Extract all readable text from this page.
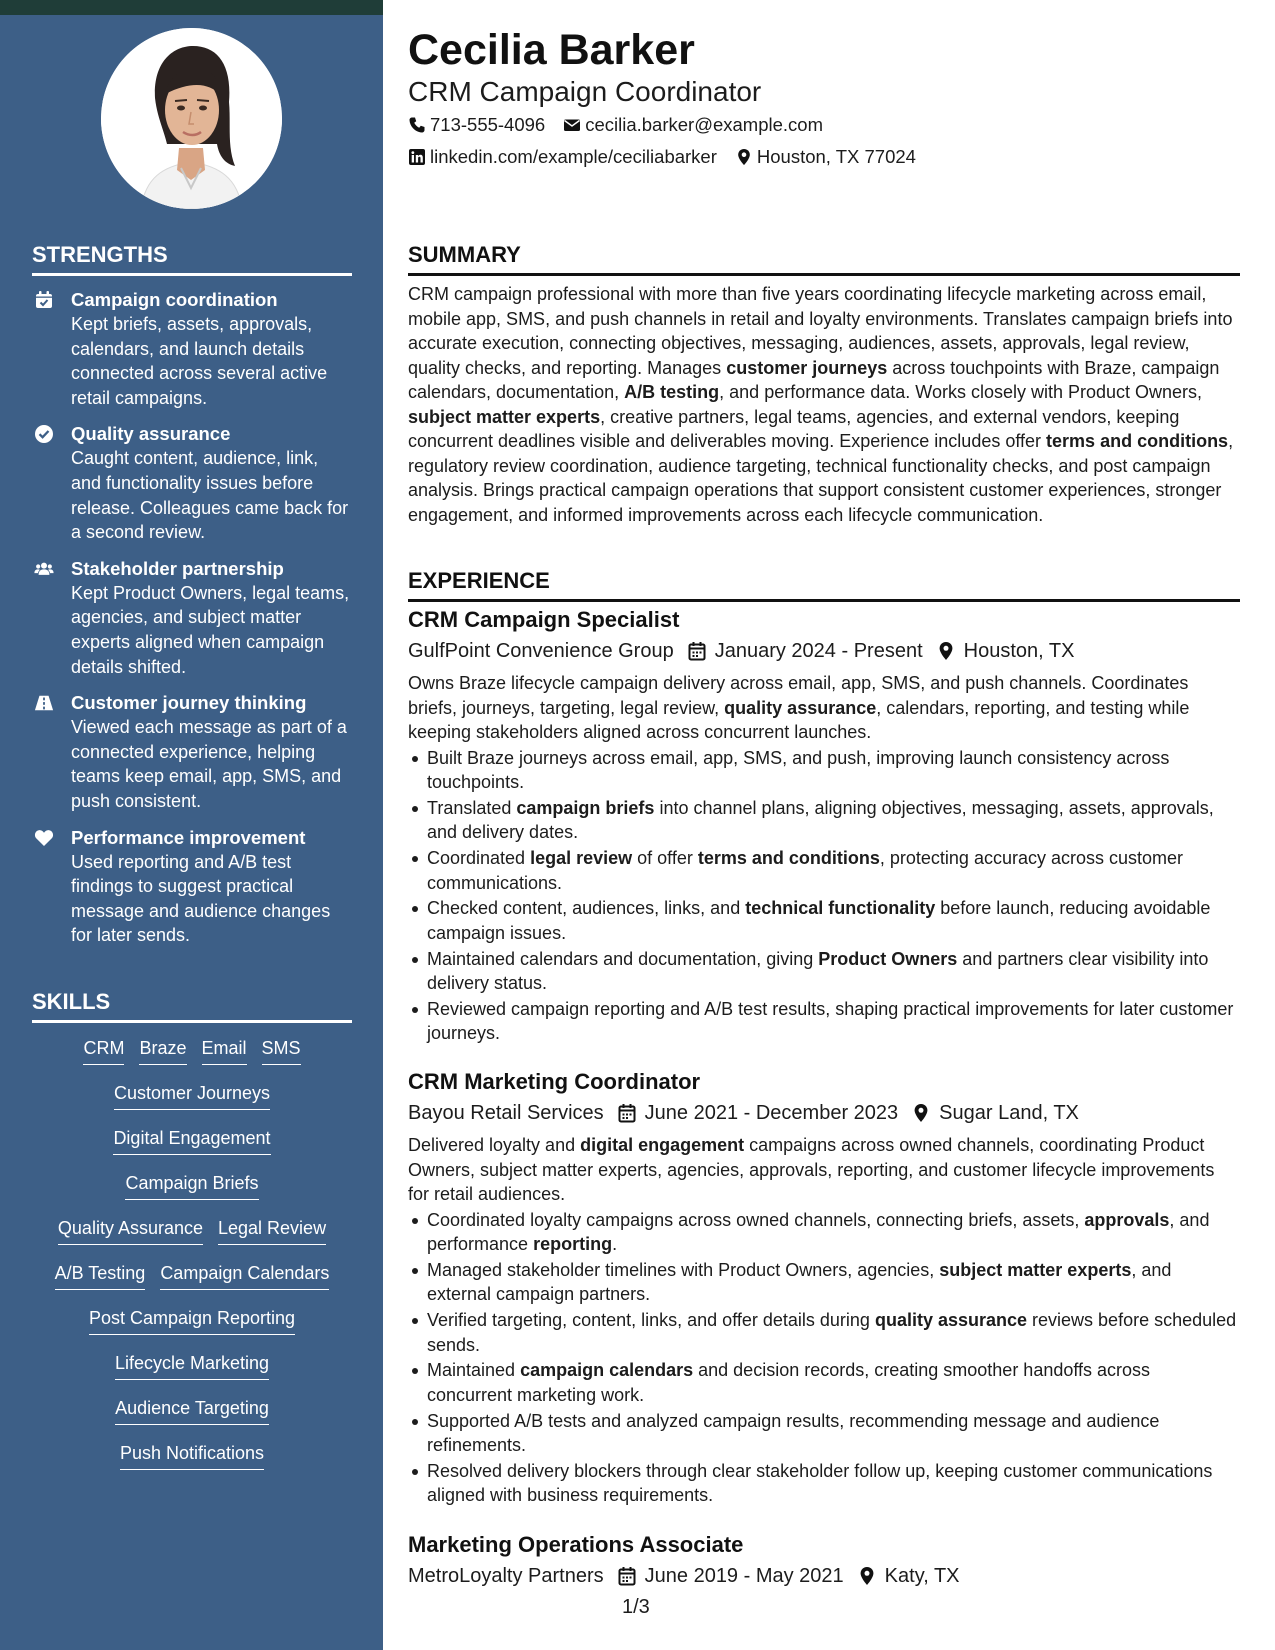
STRENGTHS
Campaign coordination
Kept briefs, assets, approvals, calendars, and launch details connected across several active retail campaigns.
Quality assurance
Caught content, audience, link, and functionality issues before release. Colleagues came back for a second review.
Stakeholder partnership
Kept Product Owners, legal teams, agencies, and subject matter experts aligned when campaign details shifted.
Customer journey thinking
Viewed each message as part of a connected experience, helping teams keep email, app, SMS, and push consistent.
Performance improvement
Used reporting and A/B test findings to suggest practical message and audience changes for later sends.
SKILLS
CRM Braze Email SMS
Customer Journeys
Digital Engagement
Campaign Briefs
Quality Assurance Legal Review
A/B Testing Campaign Calendars
Post Campaign Reporting
Lifecycle Marketing
Audience Targeting
Push Notifications
Cecilia Barker
CRM Campaign Coordinator
713-555-4096 cecilia.barker@example.com
linkedin.com/example/ceciliabarker Houston, TX 77024
SUMMARY
CRM campaign professional with more than five years coordinating lifecycle marketing across email, mobile app, SMS, and push channels in retail and loyalty environments. Translates campaign briefs into accurate execution, connecting objectives, messaging, audiences, assets, approvals, legal review, quality checks, and reporting. Manages customer journeys across touchpoints with Braze, campaign calendars, documentation, A/B testing, and performance data. Works closely with Product Owners, subject matter experts, creative partners, legal teams, agencies, and external vendors, keeping concurrent deadlines visible and deliverables moving. Experience includes offer terms and conditions, regulatory review coordination, audience targeting, technical functionality checks, and post campaign analysis. Brings practical campaign operations that support consistent customer experiences, stronger engagement, and informed improvements across each lifecycle communication.
EXPERIENCE
CRM Campaign Specialist
GulfPoint Convenience Group January 2024 - Present Houston, TX
Owns Braze lifecycle campaign delivery across email, app, SMS, and push channels. Coordinates briefs, journeys, targeting, legal review, quality assurance, calendars, reporting, and testing while keeping stakeholders aligned across concurrent launches.
Built Braze journeys across email, app, SMS, and push, improving launch consistency across touchpoints.
Translated campaign briefs into channel plans, aligning objectives, messaging, assets, approvals, and delivery dates.
Coordinated legal review of offer terms and conditions, protecting accuracy across customer communications.
Checked content, audiences, links, and technical functionality before launch, reducing avoidable campaign issues.
Maintained calendars and documentation, giving Product Owners and partners clear visibility into delivery status.
Reviewed campaign reporting and A/B test results, shaping practical improvements for later customer journeys.
CRM Marketing Coordinator
Bayou Retail Services June 2021 - December 2023 Sugar Land, TX
Delivered loyalty and digital engagement campaigns across owned channels, coordinating Product Owners, subject matter experts, agencies, approvals, reporting, and customer lifecycle improvements for retail audiences.
Coordinated loyalty campaigns across owned channels, connecting briefs, assets, approvals, and performance reporting.
Managed stakeholder timelines with Product Owners, agencies, subject matter experts, and external campaign partners.
Verified targeting, content, links, and offer details during quality assurance reviews before scheduled sends.
Maintained campaign calendars and decision records, creating smoother handoffs across concurrent marketing work.
Supported A/B tests and analyzed campaign results, recommending message and audience refinements.
Resolved delivery blockers through clear stakeholder follow up, keeping customer communications aligned with business requirements.
Marketing Operations Associate
MetroLoyalty Partners June 2019 - May 2021 Katy, TX
1/3
